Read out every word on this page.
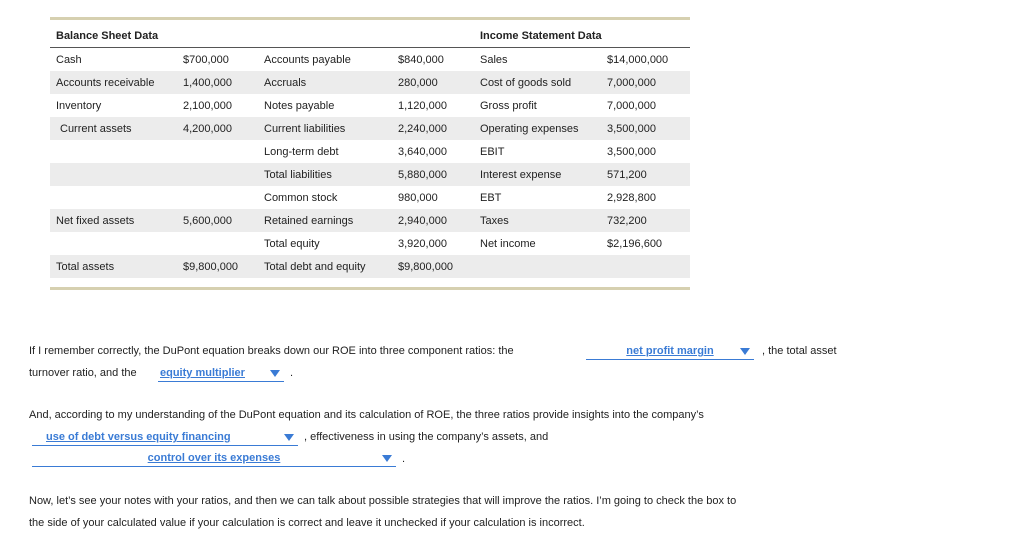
Balance Sheet Data				Income Statement Data	
Cash	$700,000	Accounts payable	$840,000	Sales	$14,000,000
Accounts receivable	1,400,000	Accruals	280,000	Cost of goods sold	7,000,000
Inventory	2,100,000	Notes payable	1,120,000	Gross profit	7,000,000
Current assets	4,200,000	Current liabilities	2,240,000	Operating expenses	3,500,000
		Long-term debt	3,640,000	EBIT	3,500,000
		Total liabilities	5,880,000	Interest expense	571,200
		Common stock	980,000	EBT	2,928,800
Net fixed assets	5,600,000	Retained earnings	2,940,000	Taxes	732,200
		Total equity	3,920,000	Net income	$2,196,600
Total assets	$9,800,000	Total debt and equity	$9,800,000		
If I remember correctly, the DuPont equation breaks down our ROE into three component ratios: the	net profit margin	, the total asset
turnover ratio, and the equity multiplier	.
And, according to my understanding of the DuPont equation and its calculation of ROE, the three ratios provide insights into the company’s
use of debt versus equity financing	, effectiveness in using the company’s assets, and
control over its expenses	.
Now, let’s see your notes with your ratios, and then we can talk about possible strategies that will improve the ratios. I’m going to check the box to
the side of your calculated value if your calculation is correct and leave it unchecked if your calculation is incorrect.
